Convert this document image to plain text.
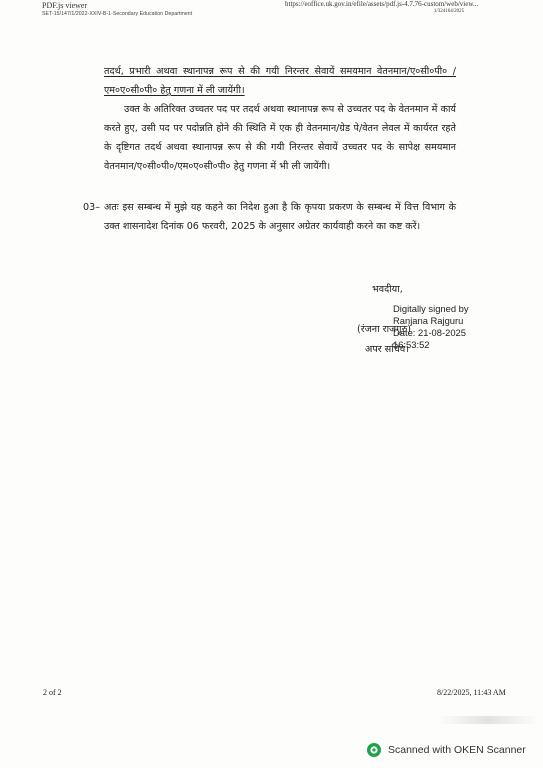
PDF.js viewer
SET-15/147/1/2022-XXIV-B-1-Secondary Education Department
https://eoffice.uk.gov.in/efile/assets/pdf.js-4.7.76-custom/web/view...
1/324164/2025
तदर्थ, प्रभारी अथवा स्थानापन्न रूप से की गयी निरन्तर सेवायें समयमान वेतनमान/ए०सी०पी० /एम०ए०सी०पी० हेतु गणना में ली जायेंगी।
उक्त के अतिरिक्त उच्चतर पद पर तदर्थ अथवा स्थानापन्न रूप से उच्चतर पद के वेतनमान में कार्य करते हुए, उसी पद पर पदोन्नति होने की स्थिति में एक ही वेतनमान/ग्रेड पे/वेतन लेवल में कार्यरत रहते के दृष्टिगत तदर्थ अथवा स्थानापन्न रूप से की गयी निरन्तर सेवायें उच्चतर पद के सापेक्ष समयमान वेतनमान/ए०सी०पी०/एम०ए०सी०पी० हेतु गणना में भी ली जायेंगी।
03– अतः इस सम्बन्ध में मुझे यह कहने का निदेश हुआ है कि कृपया प्रकरण के सम्बन्ध में वित्त विभाग के उक्त शासनादेश दिनांक 06 फरवरी, 2025 के अनुसार अग्रेतर कार्यवाही करने का कष्ट करें।
भवदीया,
(रंजना राजगुरु)
अपर सचिव।
Digitally signed by
Ranjana Rajguru
Date: 21-08-2025
16:53:52
2 of 2	8/22/2025, 11:43 AM
Scanned with OKEN Scanner
